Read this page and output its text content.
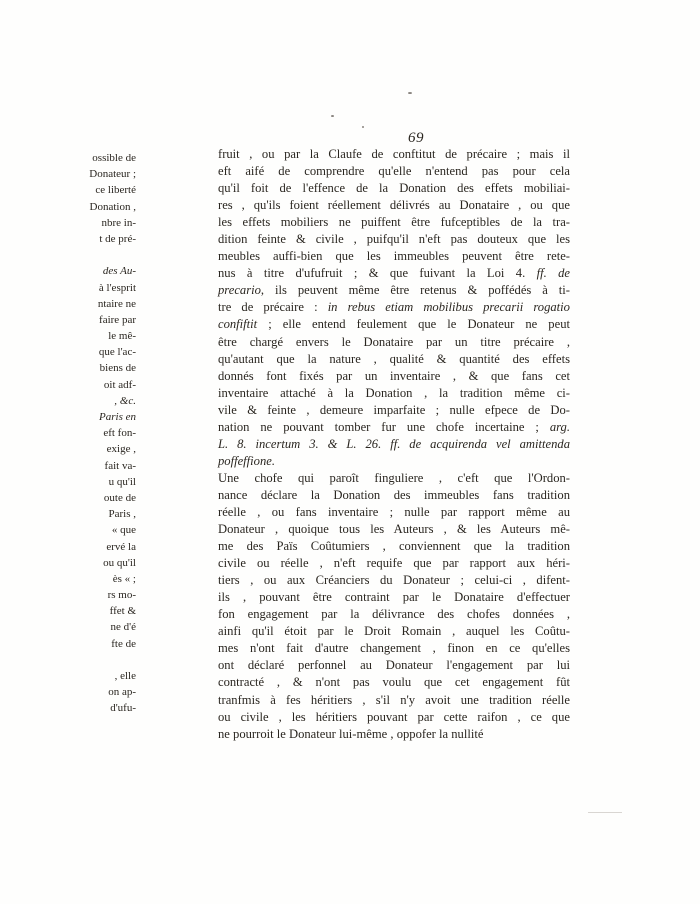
69
ossible de
Donateur ;
ce liberté
Donation ,
nbre in-
t de pré-
des Au-
à l'esprit
ntaire ne
faire par
le mê-
que l'ac-
biens de
oit adf-
, &c.
Paris en
eft fon-
exige ,
fait va-
u qu'il
oute de
Paris ,
« que
ervé la
ou qu'il
ès « ;
rs mo-
ffet &
ne d'é
fte de
, elle
on ap-
d'ufu-
fruit , ou par la Claufe de conftitut de précaire ; mais il
eft aifé de comprendre qu'elle n'entend pas pour cela
qu'il foit de l'effence de la Donation des effets mobiliai-
res , qu'ils foient réellement délivrés au Donataire , ou que
les effets mobiliers ne puiffent être fufceptibles de la tra-
dition feinte & civile , puifqu'il n'eft pas douteux que les
meubles auffi-bien que les immeubles peuvent être rete-
nus à titre d'ufufruit ; & que fuivant la Loi 4. ff. de
precario, ils peuvent même être retenus & poffédés à ti-
tre de précaire : in rebus etiam mobilibus precarii rogatio
confiftit ; elle entend feulement que le Donateur ne peut
être chargé envers le Donataire par un titre précaire ,
qu'autant que la nature , qualité & quantité des effets
donnés font fixés par un inventaire , & que fans cet
inventaire attaché à la Donation , la tradition même ci-
vile & feinte , demeure imparfaite ; nulle efpece de Do-
nation ne pouvant tomber fur une chofe incertaine ; arg.
L. 8. incertum 3. & L. 26. ff. de acquirenda vel amittenda
poffeffione.
Une chofe qui paroît finguliere , c'eft que l'Ordon-
nance déclare la Donation des immeubles fans tradition
réelle , ou fans inventaire ; nulle par rapport même au
Donateur , quoique tous les Auteurs , & les Auteurs mê-
me des Païs Coûtumiers , conviennent que la tradition
civile ou réelle , n'eft requife que par rapport aux héri-
tiers , ou aux Créanciers du Donateur ; celui-ci , difent-
ils , pouvant être contraint par le Donataire d'effectuer
fon engagement par la délivrance des chofes données ,
ainfi qu'il étoit par le Droit Romain , auquel les Coûtu-
mes n'ont fait d'autre changement , finon en ce qu'elles
ont déclaré perfonnel au Donateur l'engagement par lui
contracté , & n'ont pas voulu que cet engagement fût
tranfmis à fes héritiers , s'il n'y avoit une tradition réelle
ou civile , les héritiers pouvant par cette raifon , ce que
ne pourroit le Donateur lui-même , oppofer la nullité
